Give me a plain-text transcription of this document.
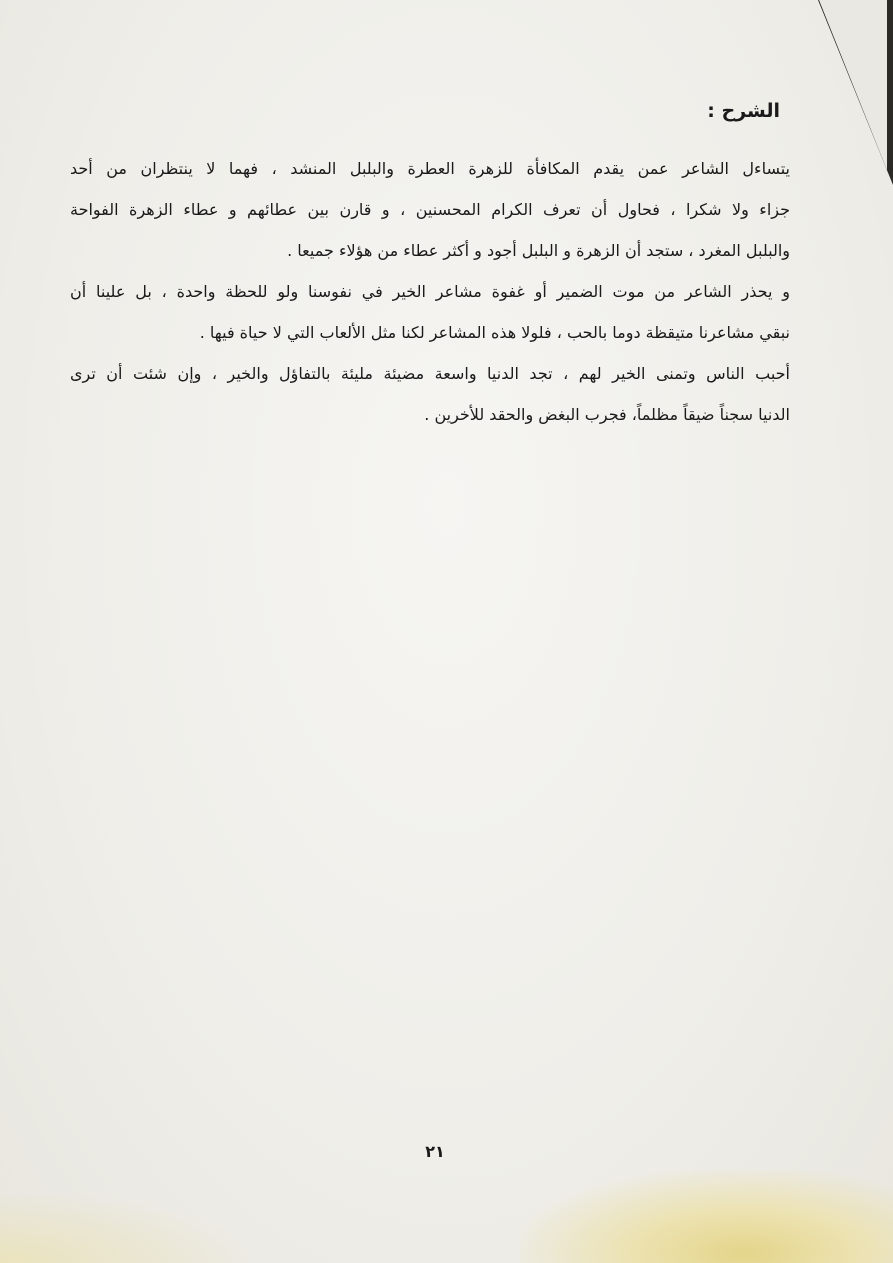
الشرح :

يتساءل الشاعر عمن يقدم المكافأة للزهرة العطرة والبلبل المنشد ، فهما لا ينتظران من أحد
جزاء ولا شكرا ، فحاول أن تعرف الكرام المحسنين ، و قارن بين عطائهم و عطاء الزهرة الفواحة
والبلبل المغرد ، ستجد أن الزهرة و البلبل أجود و أكثر عطاء من هؤلاء جميعا .

و يحذر الشاعر من موت الضمير أو غفوة مشاعر الخير في نفوسنا ولو للحظة واحدة ، بل علينا أن
نبقي مشاعرنا متيقظة دوما بالحب ، فلولا هذه المشاعر لكنا مثل الألعاب التي لا حياة فيها .

أحبب الناس وتمنى الخير لهم ، تجد الدنيا واسعة مضيئة مليئة بالتفاؤل والخير ، وإن شئت أن ترى
الدنيا سجناً ضيقاً مظلماً، فجرب البغض والحقد للأخرين .

٢١
